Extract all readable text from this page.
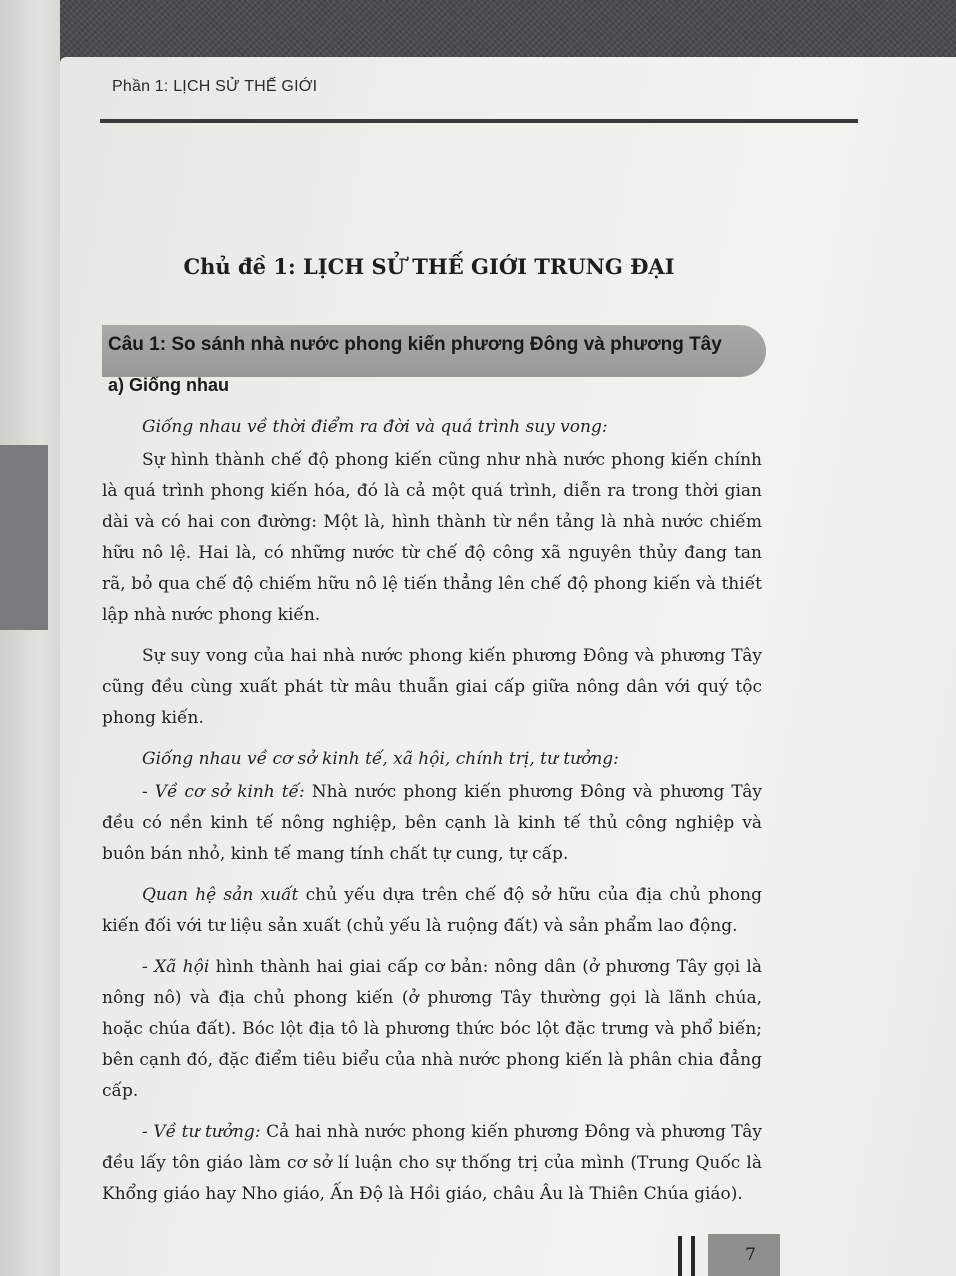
Phần 1: LỊCH SỬ THẾ GIỚI

Chủ đề 1: LỊCH SỬ THẾ GIỚI TRUNG ĐẠI
Câu 1: So sánh nhà nước phong kiến phương Đông và phương Tây
a) Giống nhau

Giống nhau về thời điểm ra đời và quá trình suy vong:

Sự hình thành chế độ phong kiến cũng như nhà nước phong kiến chính là quá trình phong kiến hóa, đó là cả một quá trình, diễn ra trong thời gian dài và có hai con đường: Một là, hình thành từ nền tảng là nhà nước chiếm hữu nô lệ. Hai là, có những nước từ chế độ công xã nguyên thủy đang tan rã, bỏ qua chế độ chiếm hữu nô lệ tiến thẳng lên chế độ phong kiến và thiết lập nhà nước phong kiến.

Sự suy vong của hai nhà nước phong kiến phương Đông và phương Tây cũng đều cùng xuất phát từ mâu thuẫn giai cấp giữa nông dân với quý tộc phong kiến.

Giống nhau về cơ sở kinh tế, xã hội, chính trị, tư tưởng:

- Về cơ sở kinh tế: Nhà nước phong kiến phương Đông và phương Tây đều có nền kinh tế nông nghiệp, bên cạnh là kinh tế thủ công nghiệp và buôn bán nhỏ, kinh tế mang tính chất tự cung, tự cấp.

Quan hệ sản xuất chủ yếu dựa trên chế độ sở hữu của địa chủ phong kiến đối với tư liệu sản xuất (chủ yếu là ruộng đất) và sản phẩm lao động.

- Xã hội hình thành hai giai cấp cơ bản: nông dân (ở phương Tây gọi là nông nô) và địa chủ phong kiến (ở phương Tây thường gọi là lãnh chúa, hoặc chúa đất). Bóc lột địa tô là phương thức bóc lột đặc trưng và phổ biến; bên cạnh đó, đặc điểm tiêu biểu của nhà nước phong kiến là phân chia đẳng cấp.

- Về tư tưởng: Cả hai nhà nước phong kiến phương Đông và phương Tây đều lấy tôn giáo làm cơ sở lí luận cho sự thống trị của mình (Trung Quốc là Khổng giáo hay Nho giáo, Ấn Độ là Hồi giáo, châu Âu là Thiên Chúa giáo).

7
